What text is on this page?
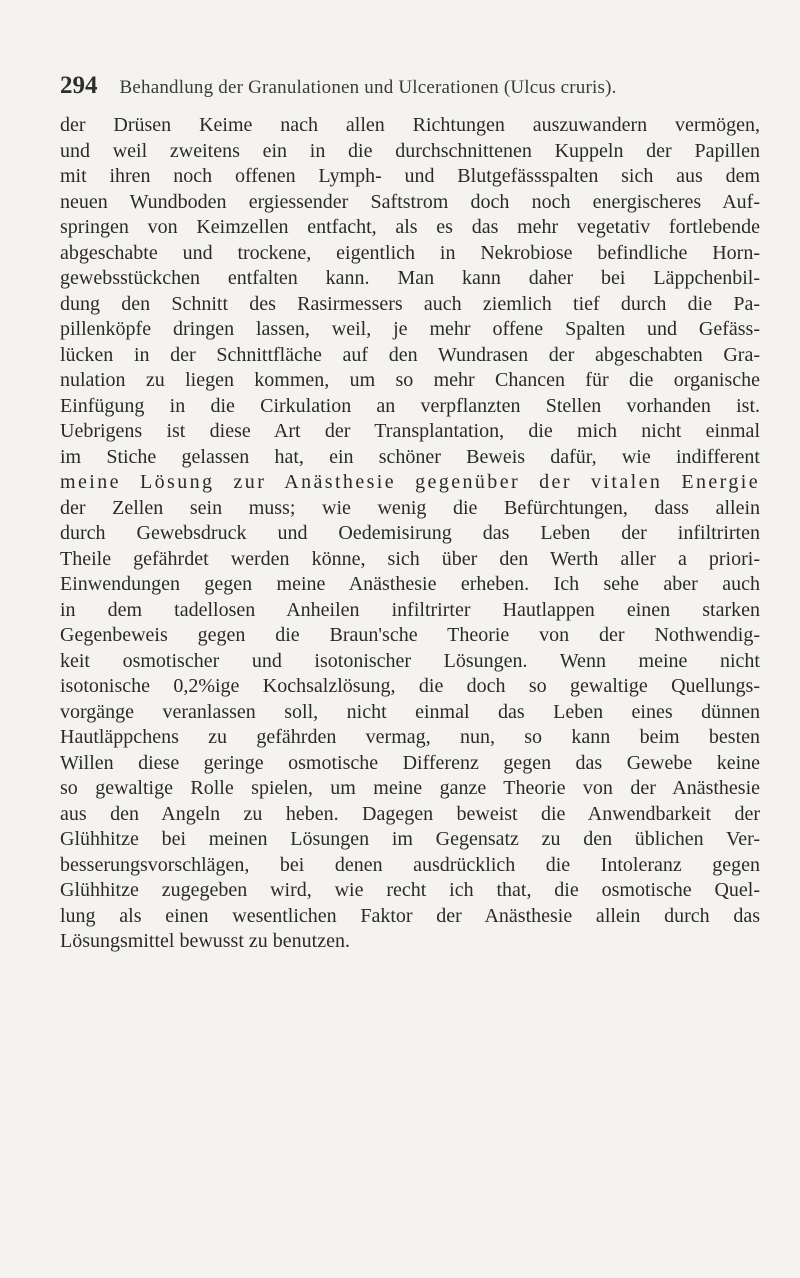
294 Behandlung der Granulationen und Ulcerationen (Ulcus cruris).
der Drüsen Keime nach allen Richtungen auszuwandern vermögen,
und weil zweitens ein in die durchschnittenen Kuppeln der Papillen
mit ihren noch offenen Lymph- und Blutgefässspalten sich aus dem
neuen Wundboden ergiessender Saftstrom doch noch energischeres Auf-
springen von Keimzellen entfacht, als es das mehr vegetativ fortlebende
abgeschabte und trockene, eigentlich in Nekrobiose befindliche Horn-
gewebsstückchen entfalten kann. Man kann daher bei Läppchenbil-
dung den Schnitt des Rasirmessers auch ziemlich tief durch die Pa-
pillenköpfe dringen lassen, weil, je mehr offene Spalten und Gefäss-
lücken in der Schnittfläche auf den Wundrasen der abgeschabten Gra-
nulation zu liegen kommen, um so mehr Chancen für die organische
Einfügung in die Cirkulation an verpflanzten Stellen vorhanden ist.
Uebrigens ist diese Art der Transplantation, die mich nicht einmal
im Stiche gelassen hat, ein schöner Beweis dafür, wie indifferent
meine Lösung zur Anästhesie gegenüber der vitalen Energie
der Zellen sein muss; wie wenig die Befürchtungen, dass allein
durch Gewebsdruck und Oedemisirung das Leben der infiltrirten
Theile gefährdet werden könne, sich über den Werth aller a priori-
Einwendungen gegen meine Anästhesie erheben. Ich sehe aber auch
in dem tadellosen Anheilen infiltrirter Hautlappen einen starken
Gegenbeweis gegen die Braun'sche Theorie von der Nothwendig-
keit osmotischer und isotonischer Lösungen. Wenn meine nicht
isotonische 0,2%ige Kochsalzlösung, die doch so gewaltige Quellungs-
vorgänge veranlassen soll, nicht einmal das Leben eines dünnen
Hautläppchens zu gefährden vermag, nun, so kann beim besten
Willen diese geringe osmotische Differenz gegen das Gewebe keine
so gewaltige Rolle spielen, um meine ganze Theorie von der Anästhesie
aus den Angeln zu heben. Dagegen beweist die Anwendbarkeit der
Glühhitze bei meinen Lösungen im Gegensatz zu den üblichen Ver-
besserungsvorschlägen, bei denen ausdrücklich die Intoleranz gegen
Glühhitze zugegeben wird, wie recht ich that, die osmotische Quel-
lung als einen wesentlichen Faktor der Anästhesie allein durch das
Lösungsmittel bewusst zu benutzen.
